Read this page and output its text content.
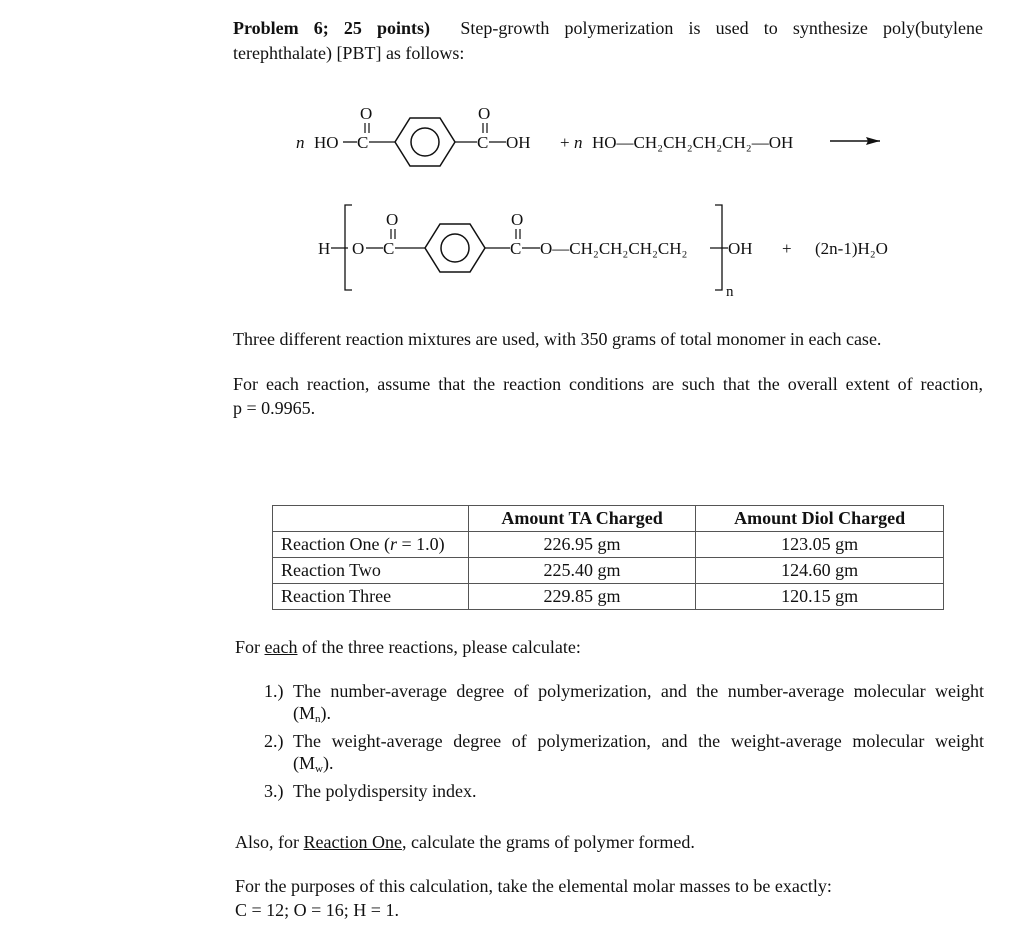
Problem 6; 25 points) Step-growth polymerization is used to synthesize poly(butylene
terephthalate) [PBT] as follows:
n HO C
O
C
O
OH + n HO—CH₂CH₂CH₂CH₂—OH
H O C
O
C
O
O—CH₂CH₂CH₂CH₂ OH
n
+ (2n-1)H₂O
Three different reaction mixtures are used, with 350 grams of total monomer in each case.
For each reaction, assume that the reaction conditions are such that the overall extent of reaction,
p = 0.9965.
	Amount TA Charged	Amount Diol Charged
Reaction One (r = 1.0)	226.95 gm	123.05 gm
Reaction Two	225.40 gm	124.60 gm
Reaction Three	229.85 gm	120.15 gm
For each of the three reactions, please calculate:
1.) The number-average degree of polymerization, and the number-average molecular weight
$(M_n)$.
2.) The weight-average degree of polymerization, and the weight-average molecular weight
$(M_w)$.
3.) The polydispersity index.
Also, for Reaction One, calculate the grams of polymer formed.
For the purposes of this calculation, take the elemental molar masses to be exactly:
C = 12; O = 16; H = 1.
